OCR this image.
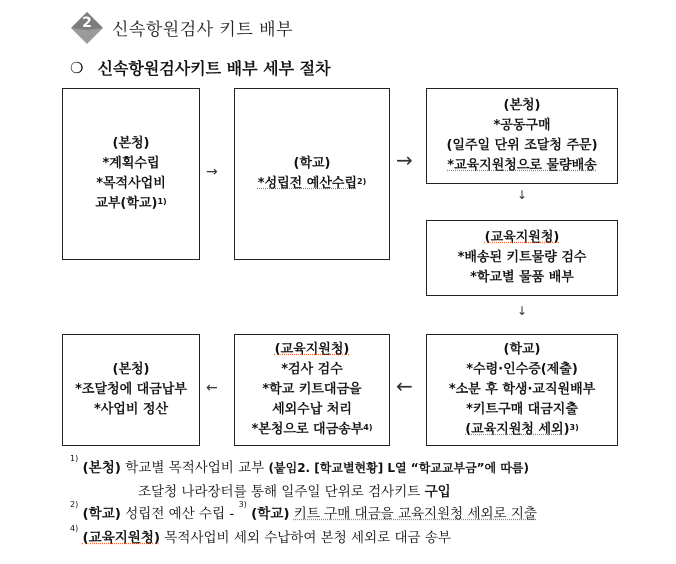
2	신속항원검사 키트 배부
❍ 신속항원검사키트 배부 세부 절차
(본청)
*계획수립
*목적사업비
교부(학교)$^{1)}$
→
(학교)
*성립전 예산수립$^{2)}$
→
(본청)
*공동구매
(일주일 단위 조달청 주문)
*교육지원청으로 물량배송
↓
(교육지원청)
*배송된 키트물량 검수
*학교별 물품 배부
↓
(학교)
*수령·인수증(제출)
*소분 후 학생·교직원배부
*키트구매 대금지출
(교육지원청 세외)$^{3)}$
←
(교육지원청)
*검사 검수
*학교 키트대금을
세외수납 처리
*본청으로 대금송부$^{4)}$
←
(본청)
*조달청에 대금납부
*사업비 정산
$^{1)}$ (본청) 학교별 목적사업비 교부 (붙임2. [학교별현황] L열 “학교교부금”에 따름)
조달청 나라장터를 통해 일주일 단위로 검사키트 구입
$^{2)}$ (학교) 성립전 예산 수립 - $^{3)}$ (학교) 키트 구매 대금을 교육지원청 세외로 지출
$^{4)}$ (교육지원청) 목적사업비 세외 수납하여 본청 세외로 대금 송부
